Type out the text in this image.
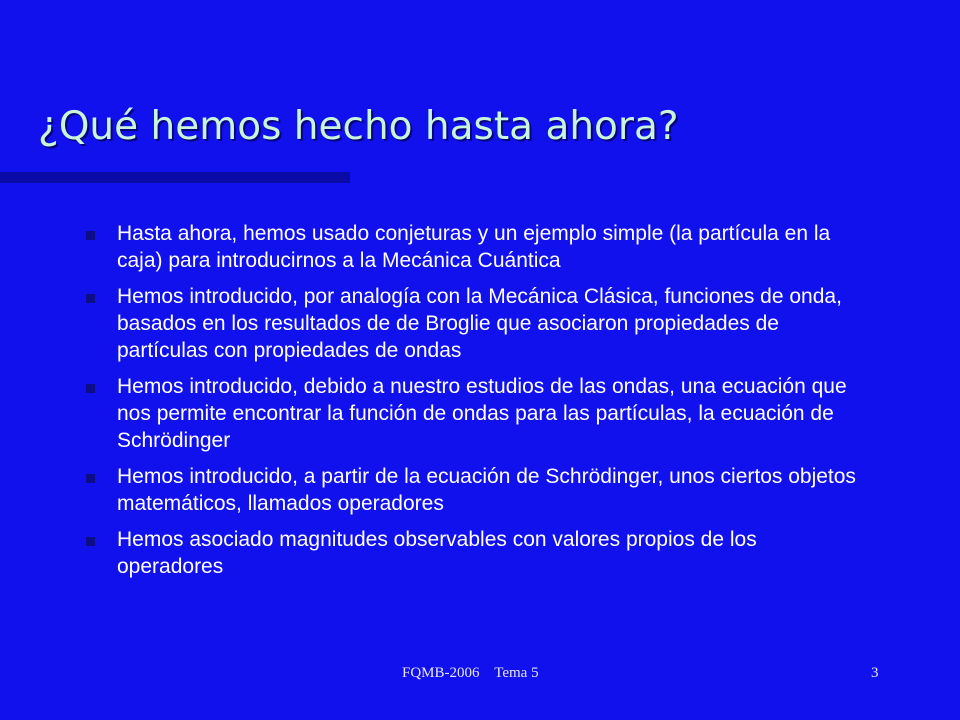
¿Qué hemos hecho hasta ahora?
Hasta ahora, hemos usado conjeturas y un ejemplo simple (la partícula en la caja) para introducirnos a la Mecánica Cuántica
Hemos introducido, por analogía con la Mecánica Clásica, funciones de onda, basados en los resultados de de Broglie que asociaron propiedades de partículas con propiedades de ondas
Hemos introducido, debido a nuestro estudios de las ondas, una ecuación que nos permite encontrar la función de ondas para las partículas, la ecuación de Schrödinger
Hemos introducido, a partir de la ecuación de Schrödinger, unos ciertos objetos matemáticos, llamados operadores
Hemos asociado magnitudes observables con valores propios de los operadores
FQMB-2006    Tema 5	3
